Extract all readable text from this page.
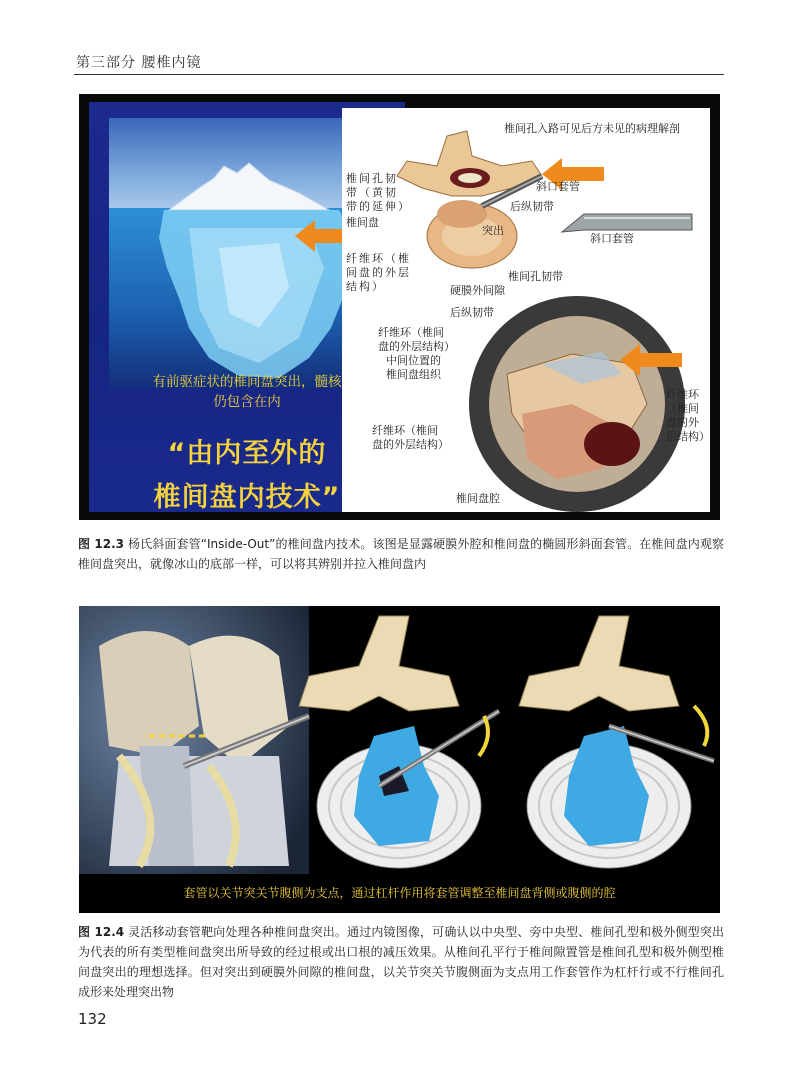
第三部分 腰椎内镜
有前驱症状的椎间盘突出，髓核
仍包含在内
“由内至外的
椎间盘内技术”
椎间孔入路可见后方未见的病理解剖
椎间孔韧
带（黄韧
带的延伸）
椎间盘
斜口套管
后纵韧带
突出
斜口套管
纤维环（椎
间盘的外层
结构）
椎间孔韧带
硬膜外间隙
后纵韧带
纤维环（椎间
盘的外层结构）
中间位置的
椎间盘组织
纤维环（椎间
盘的外层结构）
纤维环
（椎间
盘的外
层结构）
椎间盘腔
图 12.3 杨氏斜面套管“Inside-Out”的椎间盘内技术。该图是显露硬膜外腔和椎间盘的椭圆形斜面套管。在椎间盘内观察椎间盘突出，就像冰山的底部一样，可以将其辨别并拉入椎间盘内
套管以关节突关节腹侧为支点，通过杠杆作用将套管调整至椎间盘背侧或腹侧的腔
图 12.4 灵活移动套管靶向处理各种椎间盘突出。通过内镜图像，可确认以中央型、旁中央型、椎间孔型和极外侧型突出为代表的所有类型椎间盘突出所导致的经过根或出口根的减压效果。从椎间孔平行于椎间隙置管是椎间孔型和极外侧型椎间盘突出的理想选择。但对突出到硬膜外间隙的椎间盘，以关节突关节腹侧面为支点用工作套管作为杠杆行或不行椎间孔成形来处理突出物
132
